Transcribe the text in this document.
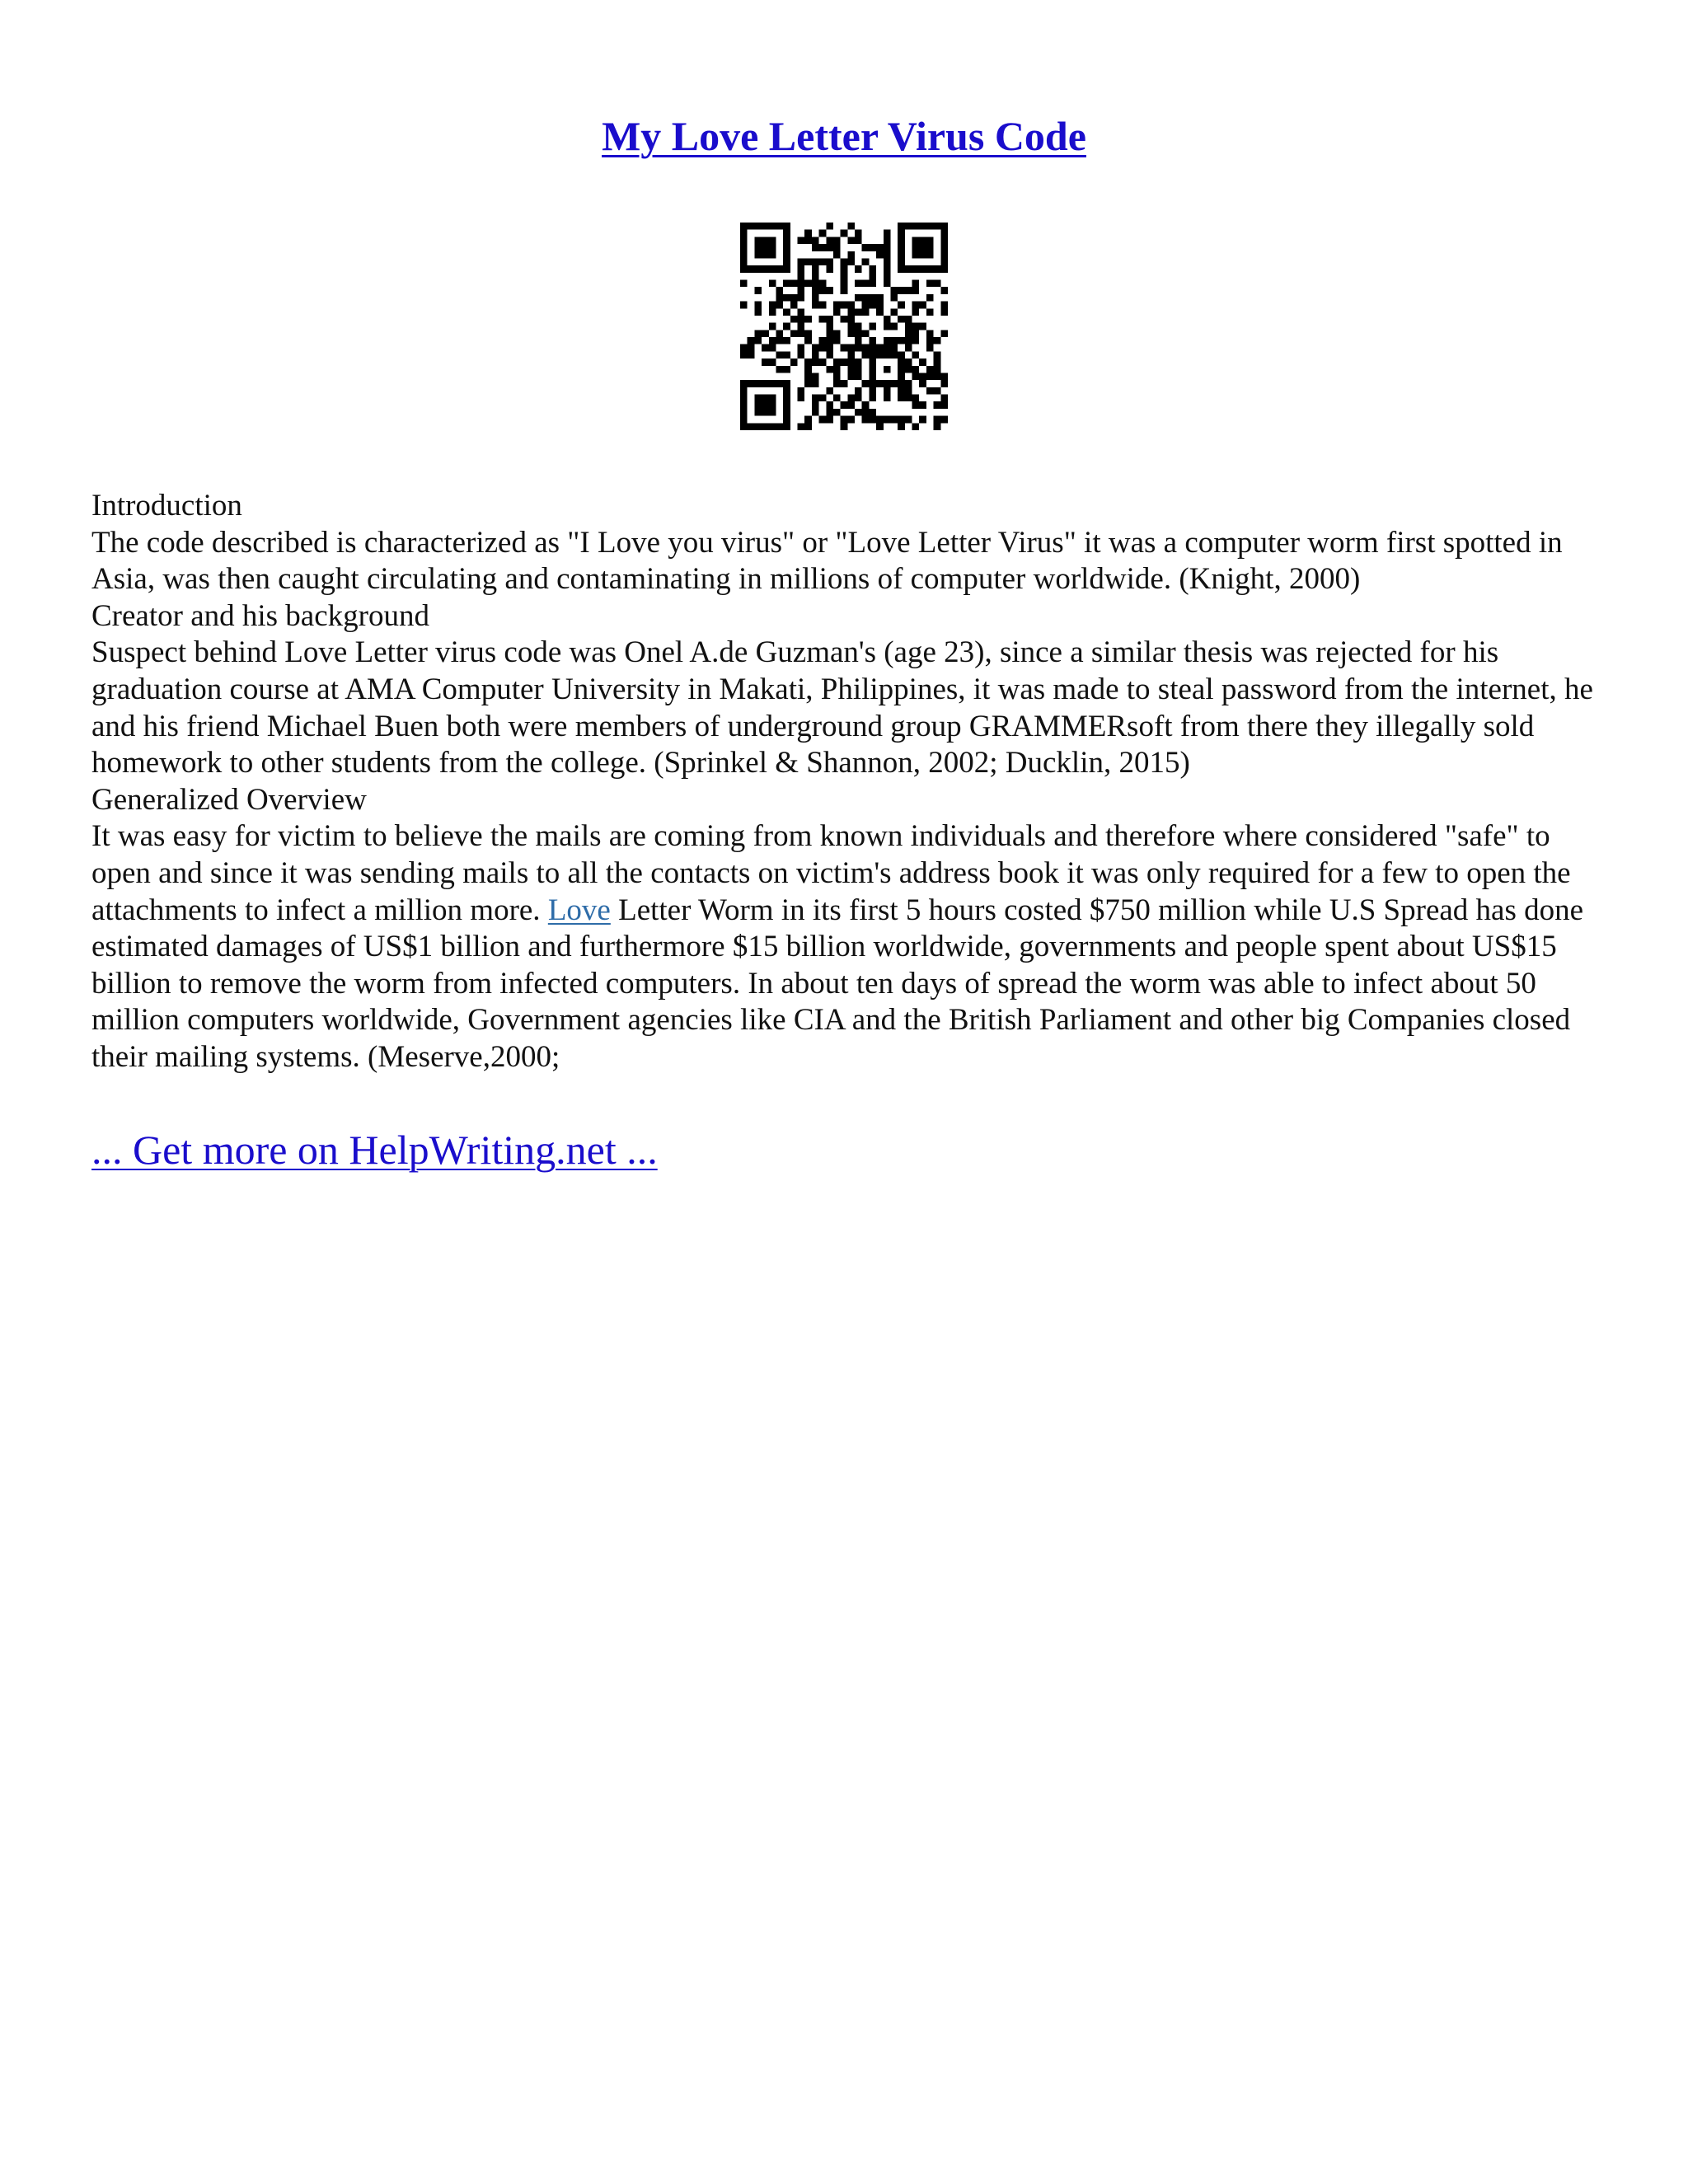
My Love Letter Virus Code

Introduction

The code described is characterized as "I Love you virus" or "Love Letter Virus" it was a computer worm first spotted in Asia, was then caught circulating and contaminating in millions of computer worldwide. (Knight, 2000)

Creator and his background

Suspect behind Love Letter virus code was Onel A.de Guzman's (age 23), since a similar thesis was rejected for his graduation course at AMA Computer University in Makati, Philippines, it was made to steal password from the internet, he and his friend Michael Buen both were members of underground group GRAMMERsoft from there they illegally sold homework to other students from the college. (Sprinkel & Shannon, 2002; Ducklin, 2015)

Generalized Overview

It was easy for victim to believe the mails are coming from known individuals and therefore where considered "safe" to open and since it was sending mails to all the contacts on victim's address book it was only required for a few to open the attachments to infect a million more. Love Letter Worm in its first 5 hours costed $750 million while U.S Spread has done estimated damages of US$1 billion and furthermore $15 billion worldwide, governments and people spent about US$15 billion to remove the worm from infected computers. In about ten days of spread the worm was able to infect about 50 million computers worldwide, Government agencies like CIA and the British Parliament and other big Companies closed their mailing systems. (Meserve,2000;

... Get more on HelpWriting.net ...
